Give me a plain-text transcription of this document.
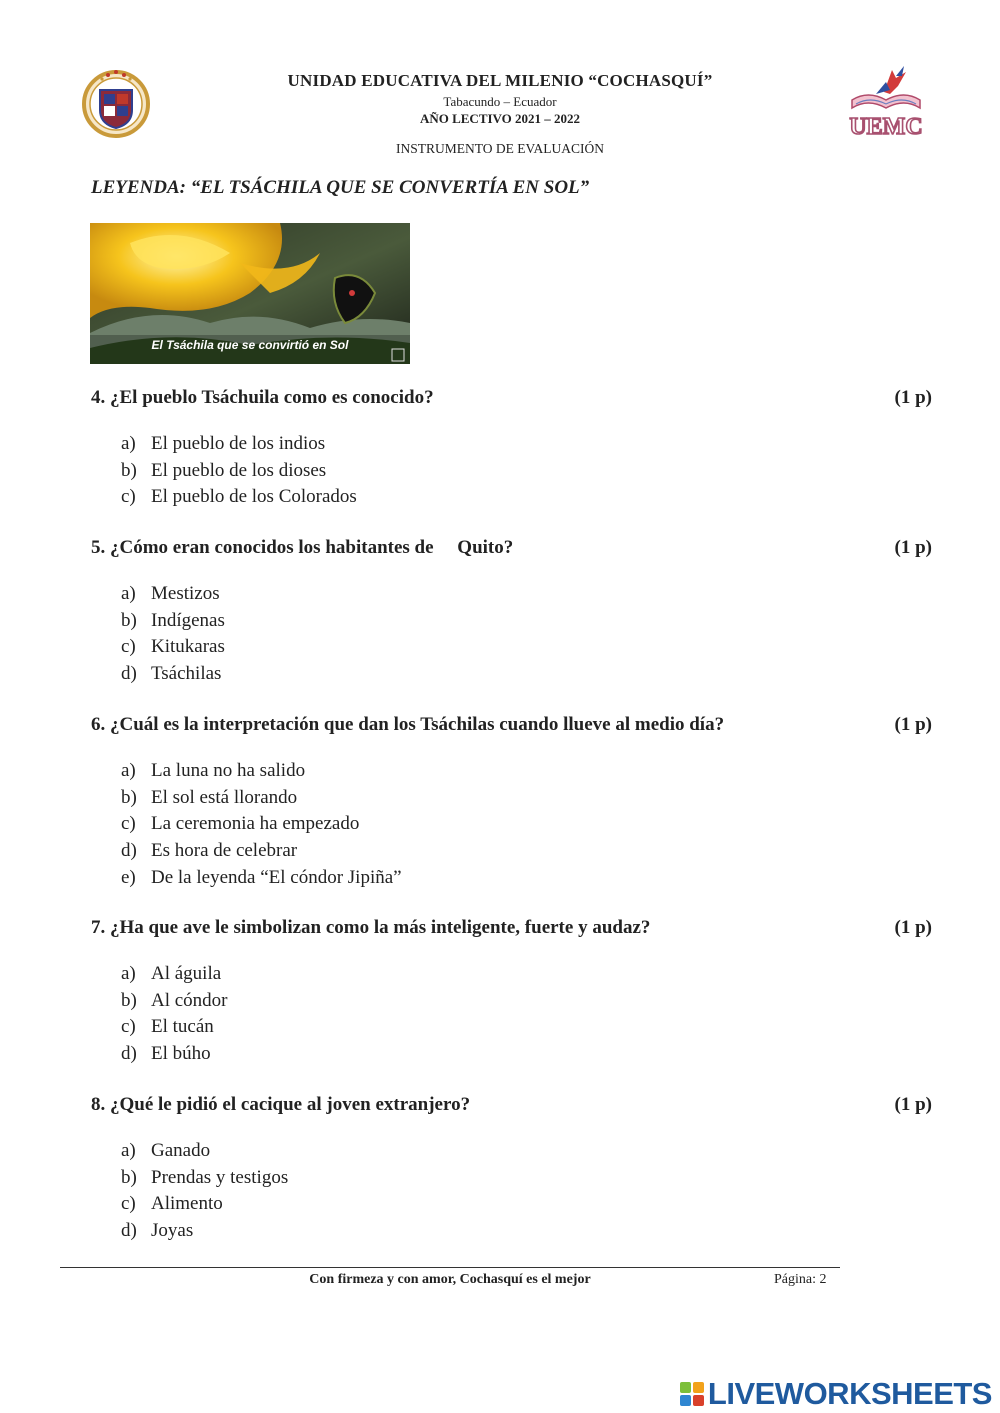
UEMC
UNIDAD EDUCATIVA DEL MILENIO “COCHASQUÍ”
Tabacundo – Ecuador
AÑO LECTIVO 2021 – 2022
INSTRUMENTO DE EVALUACIÓN
LEYENDA: “EL TSÁCHILA QUE SE CONVERTÍA EN SOL”
El Tsáchila que se convirtió en Sol
4. ¿El pueblo Tsáchuila como es conocido?	(1 p)
a) El pueblo de los indios
b) El pueblo de los dioses
c) El pueblo de los Colorados
5. ¿Cómo eran conocidos los habitantes de     Quito?	(1 p)
a) Mestizos
b) Indígenas
c) Kitukaras
d) Tsáchilas
6. ¿Cuál es la interpretación que dan los Tsáchilas cuando llueve al medio día?	(1 p)
a) La luna no ha salido
b) El sol está llorando
c) La ceremonia ha empezado
d) Es hora de celebrar
e) De la leyenda “El cóndor Jipiña”
7. ¿Ha que ave le simbolizan como la más inteligente, fuerte y audaz?	(1 p)
a) Al águila
b) Al cóndor
c) El tucán
d) El búho
8. ¿Qué le pidió el cacique al joven extranjero?	(1 p)
a) Ganado
b) Prendas y testigos
c) Alimento
d) Joyas
Con firmeza y con amor, Cochasquí es el mejor	Página: 2
LIVEWORKSHEETS
